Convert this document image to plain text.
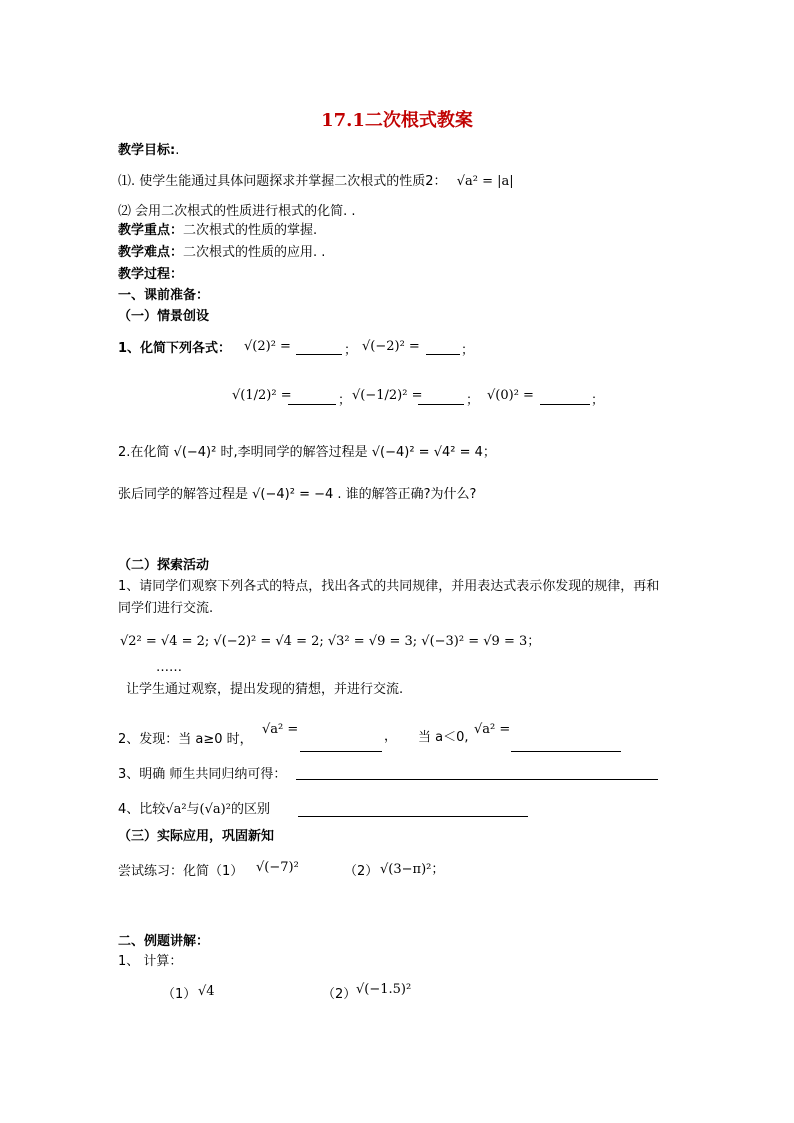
17.1二次根式教案
教学目标:.
⑴. 使学生能通过具体问题探求并掌握二次根式的性质2： √a² = |a|
⑵ 会用二次根式的性质进行根式的化简. .
教学重点：二次根式的性质的掌握.
教学难点：二次根式的性质的应用. .
教学过程：
一、课前准备：
（一）情景创设
1、化简下列各式： √(2)² =	； √(−2)² =	；
√(1/2)² =	； √(−1/2)² =	； √(0)² =	；
2.在化简 √(−4)² 时,李明同学的解答过程是 √(−4)² = √4² = 4；
张后同学的解答过程是 √(−4)² = −4 . 谁的解答正确?为什么?
（二）探索活动
1、请同学们观察下列各式的特点，找出各式的共同规律，并用表达式表示你发现的规律，再和
同学们进行交流.
√2² = √4 = 2; √(−2)² = √4 = 2; √3² = √9 = 3; √(−3)² = √9 = 3；
……
让学生通过观察，提出发现的猜想，并进行交流.
2、发现：当 a≥0 时，
√a² =	， 当 a＜0,
√a² =
3、明确 师生共同归纳可得：
4、比较√a²与(√a)²的区别
（三）实际应用，巩固新知
尝试练习：化简（1） √(−7)²	（2） √(3−π)²；
二、例题讲解：
1、 计算：
（1） √4	（2） √(−1.5)²
